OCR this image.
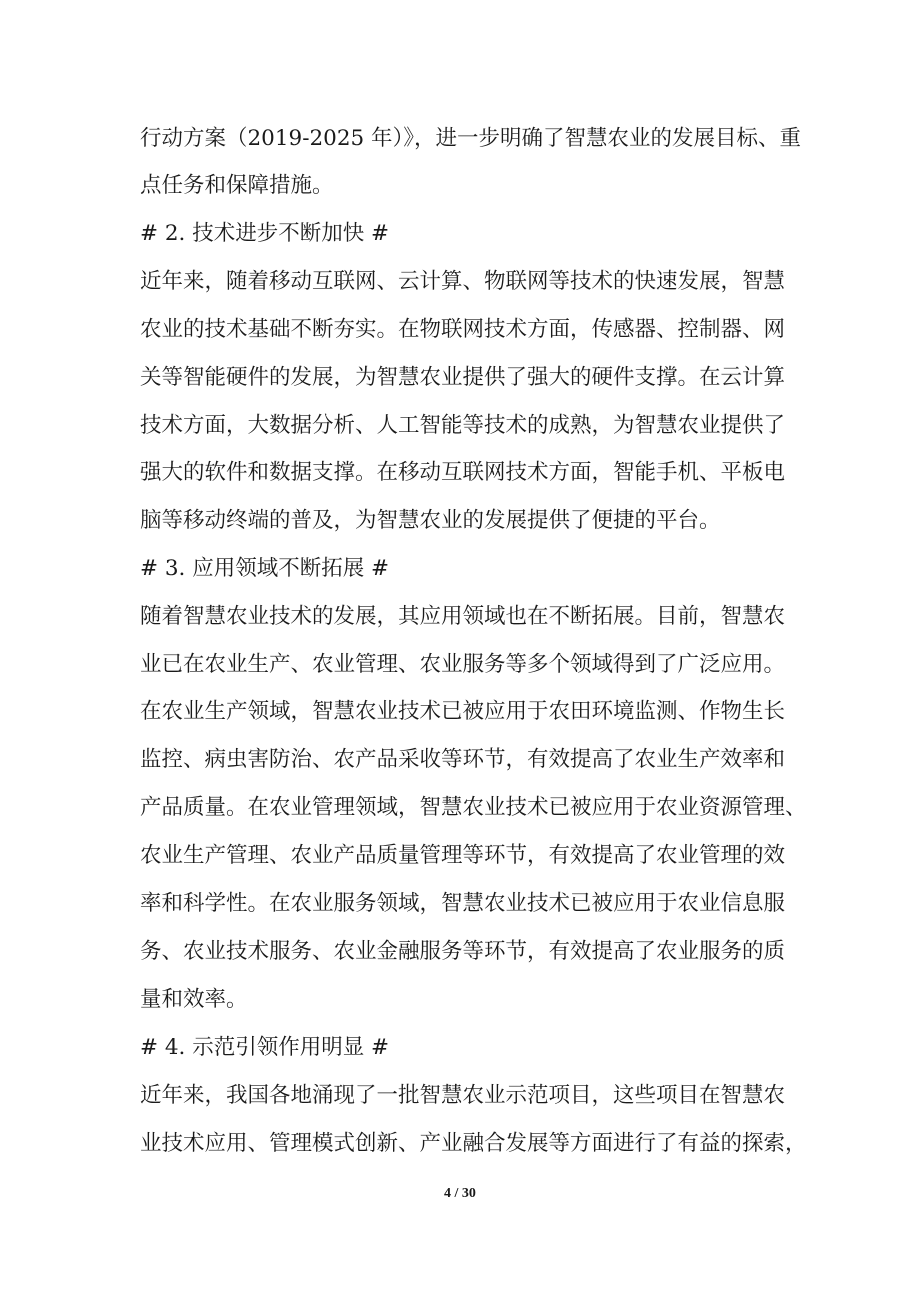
行动方案（2019-2025 年）》，进一步明确了智慧农业的发展目标、重
点任务和保障措施。
# 2. 技术进步不断加快 #
近年来，随着移动互联网、云计算、物联网等技术的快速发展，智慧
农业的技术基础不断夯实。在物联网技术方面，传感器、控制器、网
关等智能硬件的发展，为智慧农业提供了强大的硬件支撑。在云计算
技术方面，大数据分析、人工智能等技术的成熟，为智慧农业提供了
强大的软件和数据支撑。在移动互联网技术方面，智能手机、平板电
脑等移动终端的普及，为智慧农业的发展提供了便捷的平台。
# 3. 应用领域不断拓展 #
随着智慧农业技术的发展，其应用领域也在不断拓展。目前，智慧农
业已在农业生产、农业管理、农业服务等多个领域得到了广泛应用。
在农业生产领域，智慧农业技术已被应用于农田环境监测、作物生长
监控、病虫害防治、农产品采收等环节，有效提高了农业生产效率和
产品质量。在农业管理领域，智慧农业技术已被应用于农业资源管理、
农业生产管理、农业产品质量管理等环节，有效提高了农业管理的效
率和科学性。在农业服务领域，智慧农业技术已被应用于农业信息服
务、农业技术服务、农业金融服务等环节，有效提高了农业服务的质
量和效率。
# 4. 示范引领作用明显 #
近年来，我国各地涌现了一批智慧农业示范项目，这些项目在智慧农
业技术应用、管理模式创新、产业融合发展等方面进行了有益的探索，
4 / 30
